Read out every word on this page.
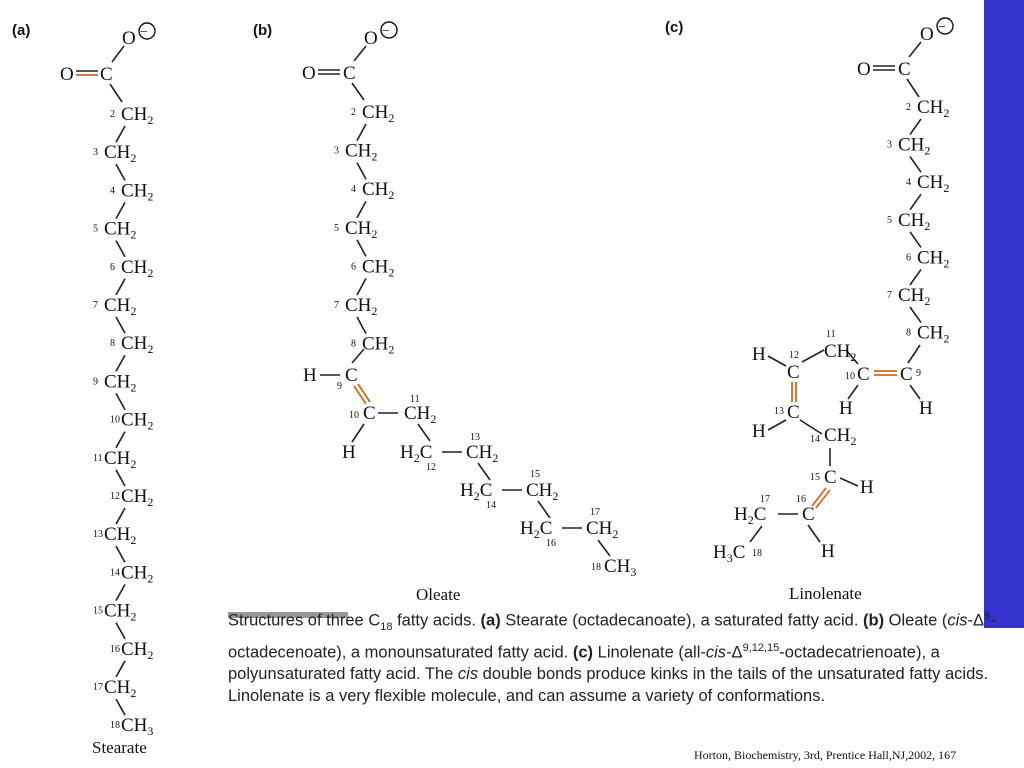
(a)	(b)	(c)
O −
O C
$CH_2$
2
$CH_2$
3
$CH_2$
4
$CH_2$
5
$CH_2$
6
$CH_2$
7
$CH_2$
8
$CH_2$
9
$CH_2$
10
$CH_2$
11
$CH_2$
12
$CH_2$
13
$CH_2$
14
$CH_2$
15
$CH_2$
16
$CH_2$
17
$CH_3$
18
O −
O C
$CH_2$
2
$CH_2$
3
$CH_2$
4
$CH_2$
5
$CH_2$
6
$CH_2$
7
$CH_2$
8
H C
9
C
10
H
$CH_2$
11
$H_2C$
12
$CH_2$
13
$H_2C$
14
$CH_2$
15
$H_2C$
16
$CH_2$
17
$CH_3$
18
O −
O C
$CH_2$
2
$CH_2$
3
$CH_2$
4
$CH_2$
5
$CH_2$
6
$CH_2$
7
$CH_2$
8
C 9
C
10
H
H
$CH_2$
11
C
12
H
C
13
H	$CH_2$
14
C
15 H
C
16
H
$H_2C$
17
$H_3C$ 18
Stearate
Oleate	Linolenate
Structures of three $C_{18}$ fatty acids. (a) Stearate (octadecanoate), a saturated fatty acid. (b) Oleate $(cis-\Delta^9-octadecenoate)$, a monounsaturated fatty acid. (c) Linolenate $(all-cis-\Delta^{9,12,15}-octadecatrienoate)$, a polyunsaturated fatty acid. The cis double bonds produce kinks in the tails of the unsaturated fatty acids. Linolenate is a very flexible molecule, and can assume a variety of conformations.
Horton, Biochemistry, 3rd, Prentice Hall,NJ,2002, 167
